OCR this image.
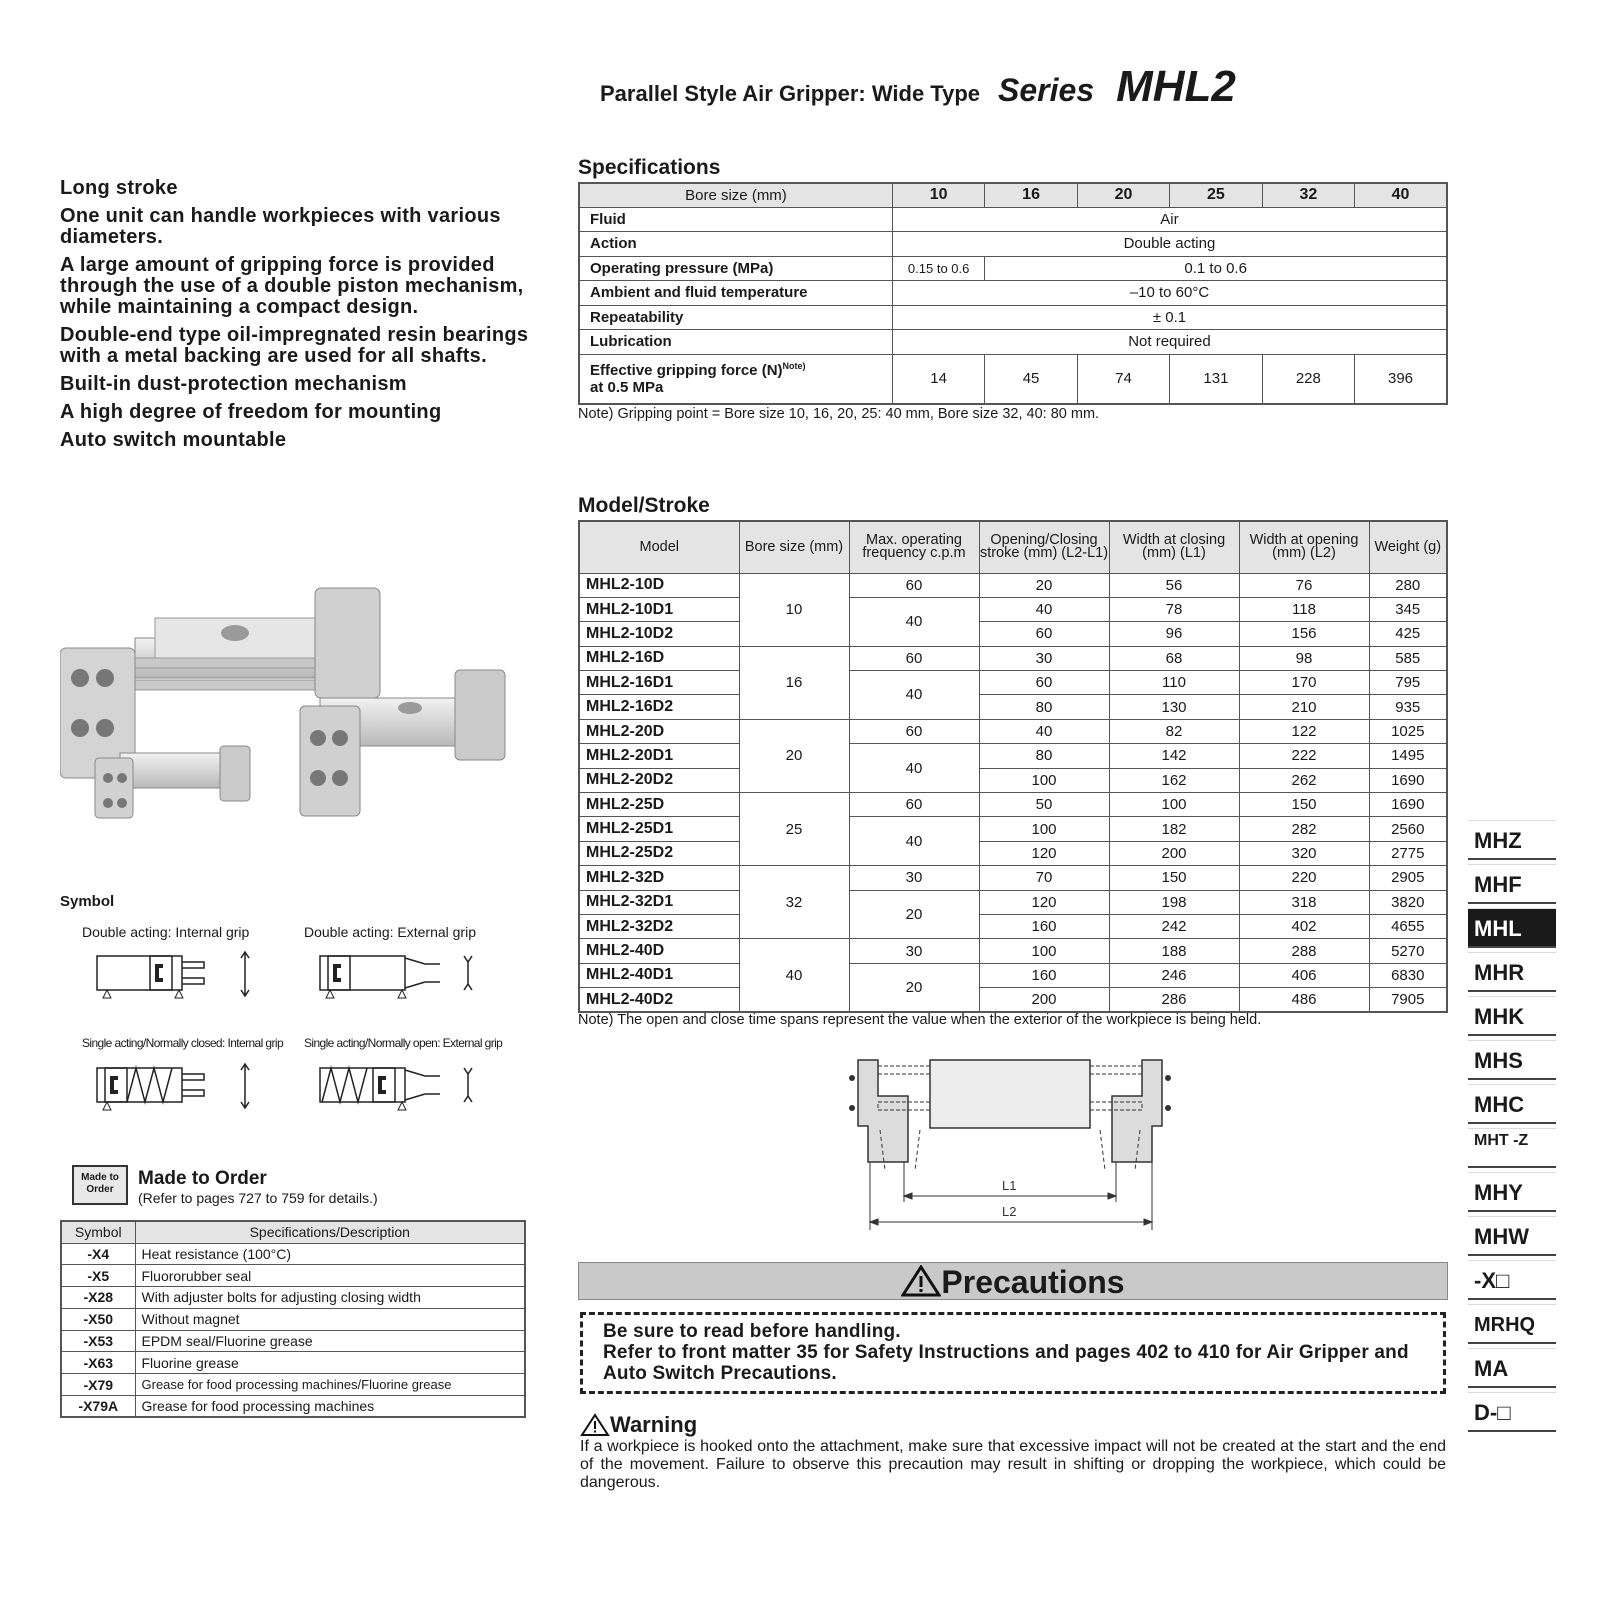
Parallel Style Air Gripper: Wide Type Series MHL2

Long stroke

One unit can handle workpieces with various diameters.

A large amount of gripping force is provided through the use of a double piston mechanism, while maintaining a compact design.

Double-end type oil-impregnated resin bearings with a metal backing are used for all shafts.

Built-in dust-protection mechanism

A high degree of freedom for mounting

Auto switch mountable

Symbol
Double acting: Internal grip	Double acting: External grip
Single acting/Normally closed: Internal grip Single acting/Normally open: External grip
Made to Order
Made to Order
(Refer to pages 727 to 759 for details.)
Symbol	Specifications/Description
-X4	Heat resistance (100°C)
-X5	Fluororubber seal
-X28	With adjuster bolts for adjusting closing width
-X50	Without magnet
-X53	EPDM seal/Fluorine grease
-X63	Fluorine grease
-X79	Grease for food processing machines/Fluorine grease
-X79A	Grease for food processing machines
Specifications
Bore size (mm)	10	16	20	25	32	40
Fluid	Air					
Action	Double acting					
Operating pressure (MPa)	0.15 to 0.6	0.1 to 0.6				
Ambient and fluid temperature	–10 to 60°C					
Repeatability	± 0.1					
Lubrication	Not required					
Effective gripping force $(N)^{Note)}$
at 0.5 MPa	14	45	74	131	228	396
Note) Gripping point = Bore size 10, 16, 20, 25: 40 mm, Bore size 32, 40: 80 mm.
Model/Stroke
Model	Bore size (mm)	Max. operating frequency c.p.m	Opening/Closing stroke (mm) (L2-L1)	Width at closing (mm) (L1)	Width at opening (mm) (L2)	Weight (g)
MHL2-10D	10	60	20	56	76	280
MHL2-10D1		40	40	78	118	345
MHL2-10D2			60	96	156	425
MHL2-16D	16	60	30	68	98	585
MHL2-16D1		40	60	110	170	795
MHL2-16D2			80	130	210	935
MHL2-20D	20	60	40	82	122	1025
MHL2-20D1		40	80	142	222	1495
MHL2-20D2			100	162	262	1690
MHL2-25D	25	60	50	100	150	1690
MHL2-25D1		40	100	182	282	2560
MHL2-25D2			120	200	320	2775
MHL2-32D	32	30	70	150	220	2905
MHL2-32D1		20	120	198	318	3820
MHL2-32D2			160	242	402	4655
MHL2-40D	40	30	100	188	288	5270
MHL2-40D1		20	160	246	406	6830
MHL2-40D2			200	286	486	7905
Note) The open and close time spans represent the value when the exterior of the workpiece is being held.
L1
L2
Precautions

Be sure to read before handling.

Refer to front matter 35 for Safety Instructions and pages 402 to 410 for Air Gripper and Auto Switch Precautions.

Warning
If a workpiece is hooked onto the attachment, make sure that excessive impact will not be created at the start and the end of the movement. Failure to observe this precaution may result in shifting or dropping the workpiece, which could be dangerous.
MHZ
MHF
MHL
MHR
MHK
MHS
MHC
MHT -Z
MHY
MHW
-X□
MRHQ
MA
D-□
